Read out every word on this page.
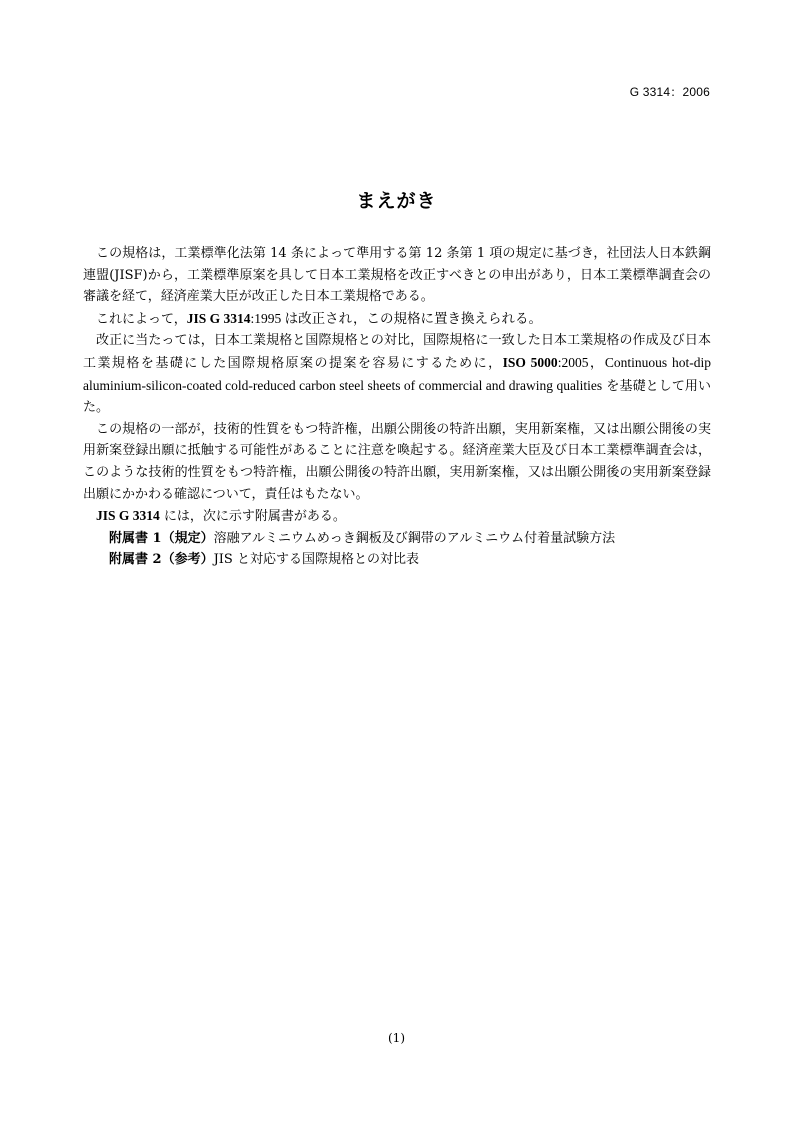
G 3314：2006
まえがき

この規格は，工業標準化法第 14 条によって準用する第 12 条第 1 項の規定に基づき，社団法人日本鉄鋼連盟(JISF)から，工業標準原案を具して日本工業規格を改正すべきとの申出があり，日本工業標準調査会の審議を経て，経済産業大臣が改正した日本工業規格である。

これによって，JIS G 3314:1995 は改正され，この規格に置き換えられる。

改正に当たっては，日本工業規格と国際規格との対比，国際規格に一致した日本工業規格の作成及び日本工業規格を基礎にした国際規格原案の提案を容易にするために，ISO 5000:2005，Continuous hot-dip aluminium-silicon-coated cold-reduced carbon steel sheets of commercial and drawing qualities を基礎として用いた。

この規格の一部が，技術的性質をもつ特許権，出願公開後の特許出願，実用新案権，又は出願公開後の実用新案登録出願に抵触する可能性があることに注意を喚起する。経済産業大臣及び日本工業標準調査会は，このような技術的性質をもつ特許権，出願公開後の特許出願，実用新案権，又は出願公開後の実用新案登録出願にかかわる確認について，責任はもたない。

JIS G 3314 には，次に示す附属書がある。

附属書 1（規定）溶融アルミニウムめっき鋼板及び鋼帯のアルミニウム付着量試験方法

附属書 2（参考）JIS と対応する国際規格との対比表

(1)
